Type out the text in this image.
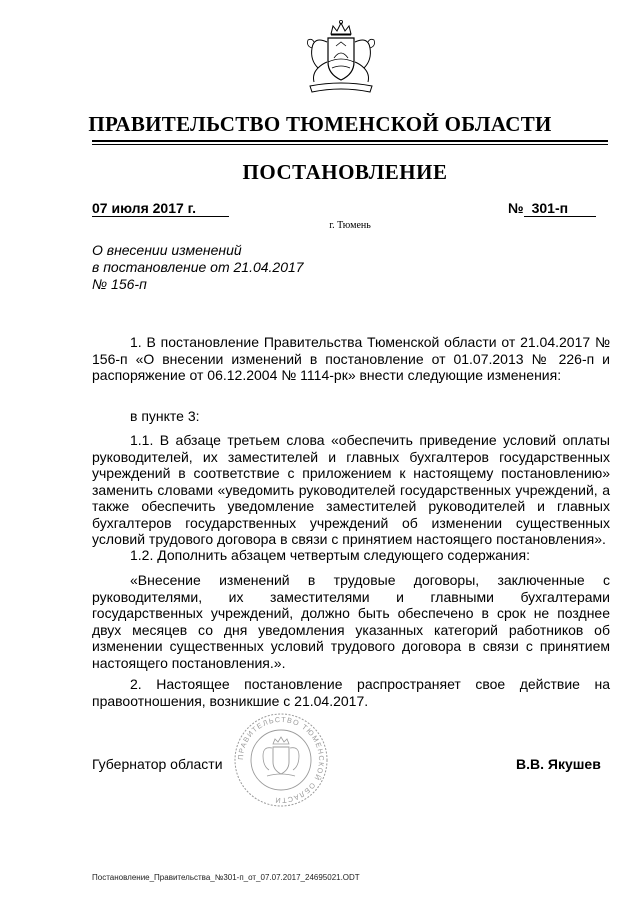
ПРАВИТЕЛЬСТВО ТЮМЕНСКОЙ ОБЛАСТИ
ПОСТАНОВЛЕНИЕ
07 июля 2017 г.	№ 301-п
г. Тюмень
О внесении изменений
в постановление от 21.04.2017
№ 156-п

1. В постановление Правительства Тюменской области от 21.04.2017 № 156-п «О внесении изменений в постановление от 01.07.2013 № 226-п и распоряжение от 06.12.2004 № 1114-рк» внести следующие изменения:

в пункте 3:

1.1. В абзаце третьем слова «обеспечить приведение условий оплаты руководителей, их заместителей и главных бухгалтеров государственных учреждений в соответствие с приложением к настоящему постановлению» заменить словами «уведомить руководителей государственных учреждений, а также обеспечить уведомление заместителей руководителей и главных бухгалтеров государственных учреждений об изменении существенных условий трудового договора в связи с принятием настоящего постановления».

1.2. Дополнить абзацем четвертым следующего содержания:

«Внесение изменений в трудовые договоры, заключенные с руководителями, их заместителями и главными бухгалтерами государственных учреждений, должно быть обеспечено в срок не позднее двух месяцев со дня уведомления указанных категорий работников об изменении существенных условий трудового договора в связи с принятием настоящего постановления.».

2. Настоящее постановление распространяет свое действие на правоотношения, возникшие с 21.04.2017.

ПРАВИТЕЛЬСТВО ТЮМЕНСКОЙ ОБЛАСТИ
Губернатор области	В.В. Якушев
Постановление_Правительства_№301-п_от_07.07.2017_24695021.ODT
